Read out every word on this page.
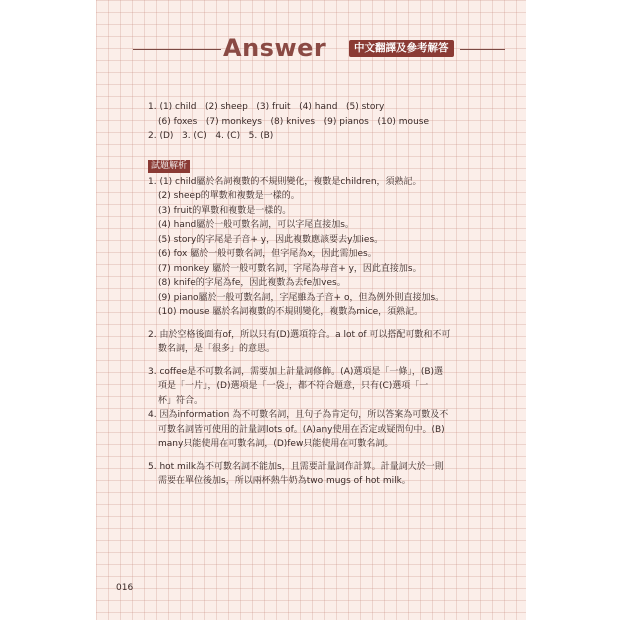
Answer	中文翻譯及參考解答
1. (1) child   (2) sheep   (3) fruit   (4) hand   (5) story
(6) foxes   (7) monkeys   (8) knives   (9) pianos   (10) mouse
2. (D)   3. (C)   4. (C)   5. (B)
試題解析
1. (1) child屬於名詞複數的不規則變化，複數是children，須熟記。
(2) sheep的單數和複數是一樣的。
(3) fruit的單數和複數是一樣的。
(4) hand屬於一般可數名詞，可以字尾直接加s。
(5) story的字尾是子音+ y，因此複數應該要去y加ies。
(6) fox 屬於一般可數名詞，但字尾為x，因此需加es。
(7) monkey 屬於一般可數名詞，字尾為母音+ y，因此直接加s。
(8) knife的字尾為fe，因此複數為去fe加ves。
(9) piano屬於一般可數名詞，字尾雖為子音+ o，但為例外則直接加s。
(10) mouse 屬於名詞複數的不規則變化，複數為mice，須熟記。
2. 由於空格後面有of，所以只有(D)選項符合。a lot of 可以搭配可數和不可
數名詞，是「很多」的意思。
3. coffee是不可數名詞，需要加上計量詞修飾。(A)選項是「一條」，(B)選
項是「一片」，(D)選項是「一袋」，都不符合題意，只有(C)選項「一
杯」符合。
4. 因為information 為不可數名詞，且句子為肯定句，所以答案為可數及不
可數名詞皆可使用的計量詞lots of。(A)any使用在否定或疑問句中。(B)
many只能使用在可數名詞，(D)few只能使用在可數名詞。
5. hot milk為不可數名詞不能加s，且需要計量詞作計算。計量詞大於一則
需要在單位後加s，所以兩杯熱牛奶為two mugs of hot milk。
016
